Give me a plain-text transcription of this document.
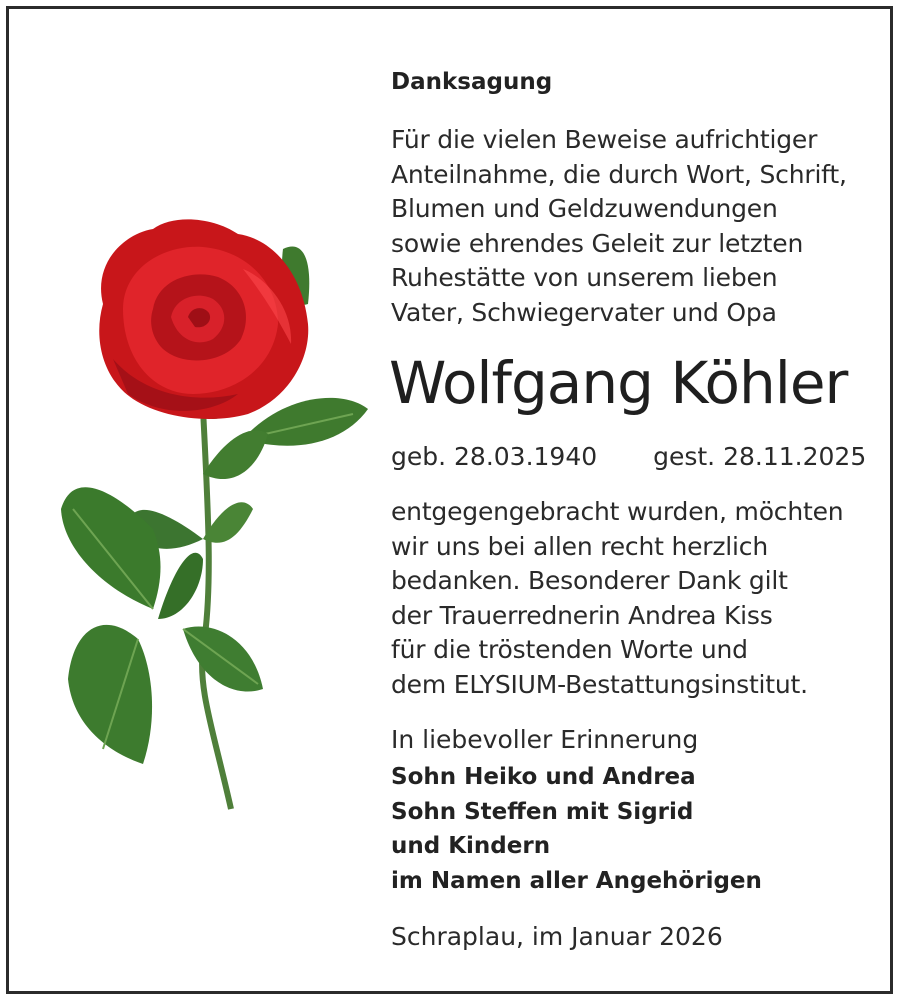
Danksagung
Für die vielen Beweise aufrichtiger
Anteilnahme, die durch Wort, Schrift,
Blumen und Geldzuwendungen
sowie ehrendes Geleit zur letzten
Ruhestätte von unserem lieben
Vater, Schwiegervater und Opa
Wolfgang Köhler
geb. 28.03.1940 gest. 28.11.2025
entgegengebracht wurden, möchten
wir uns bei allen recht herzlich
bedanken. Besonderer Dank gilt
der Trauerrednerin Andrea Kiss
für die tröstenden Worte und
dem ELYSIUM-Bestattungsinstitut.
In liebevoller Erinnerung
Sohn Heiko und Andrea
Sohn Steffen mit Sigrid
und Kindern
im Namen aller Angehörigen
Schraplau, im Januar 2026
